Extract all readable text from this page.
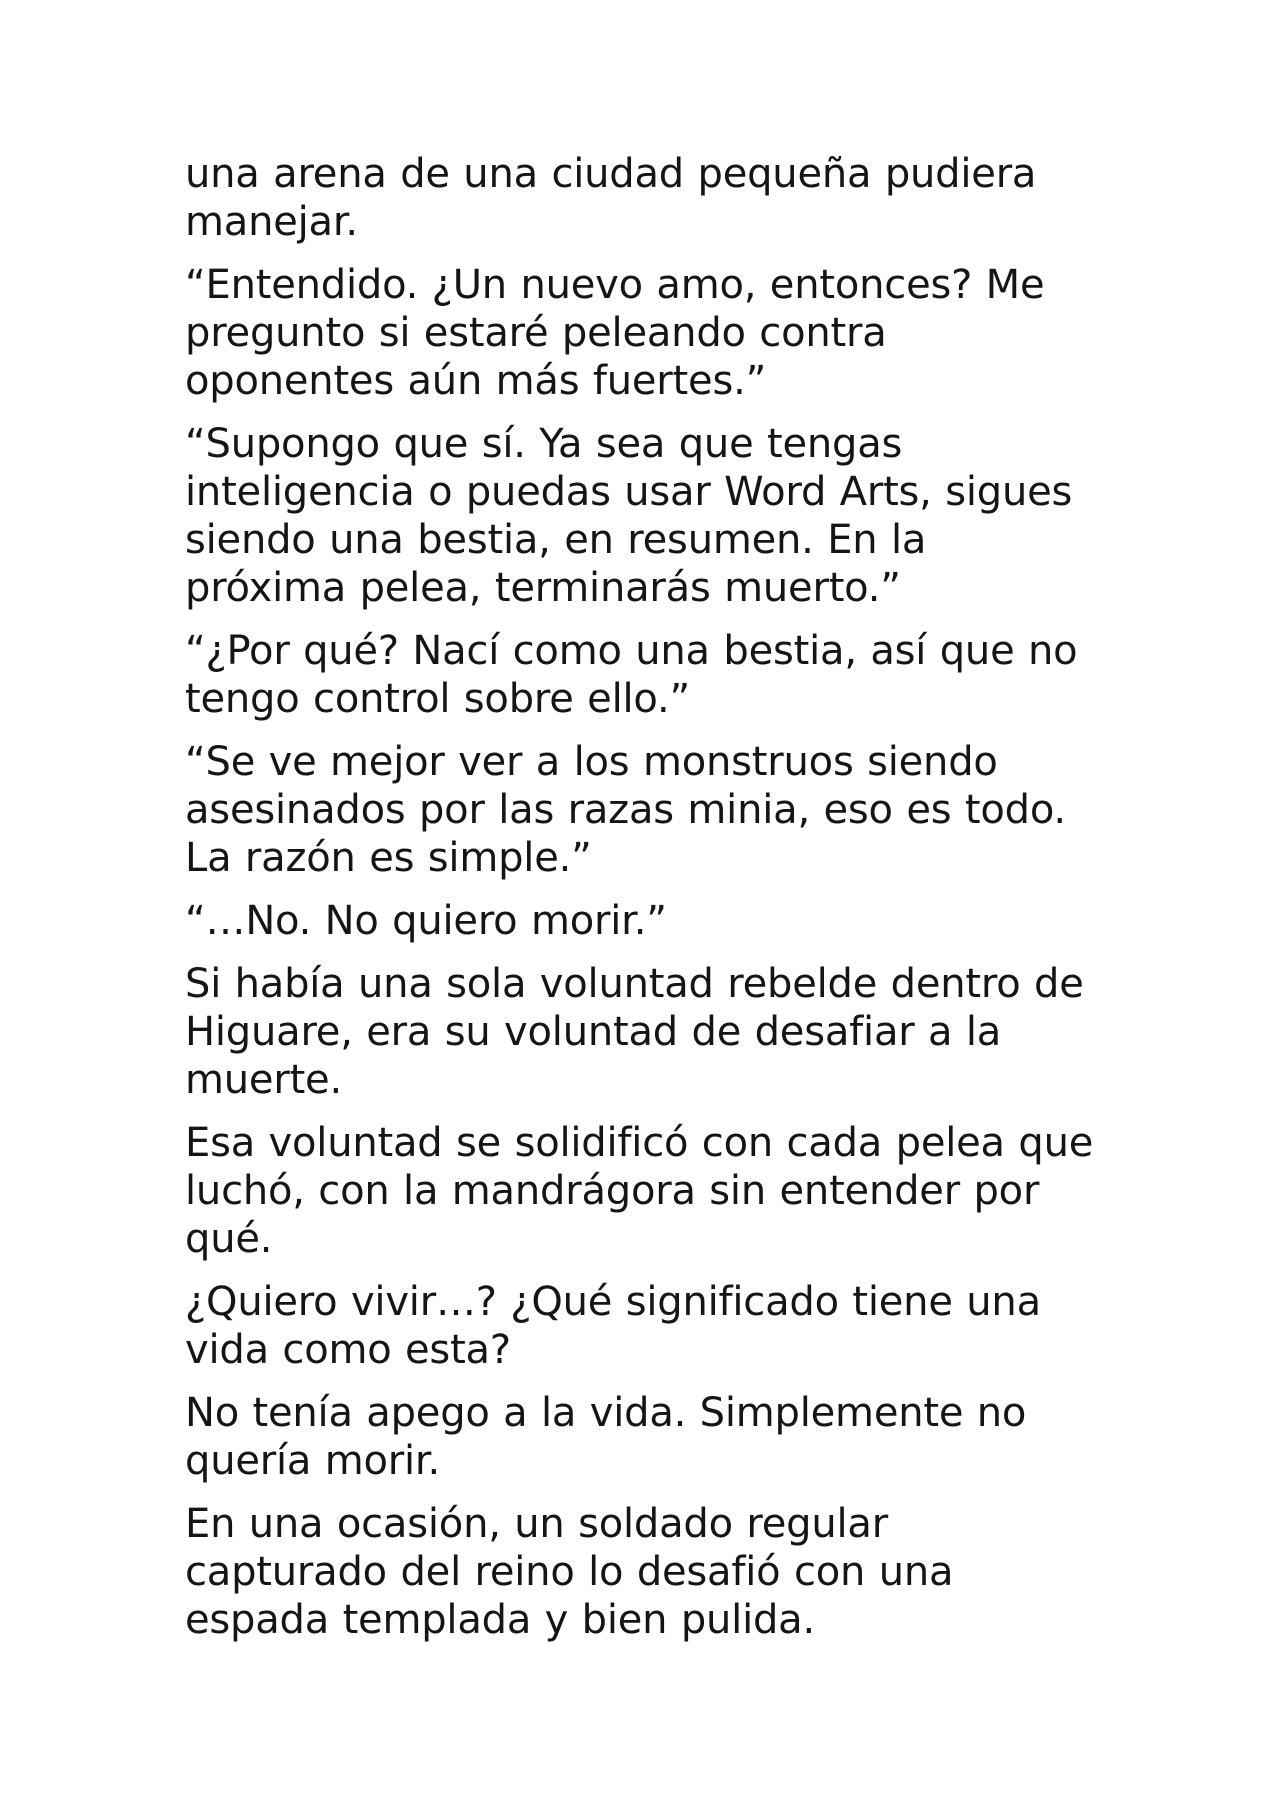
una arena de una ciudad pequeña pudiera manejar.

“Entendido. ¿Un nuevo amo, entonces? Me pregunto si estaré peleando contra oponentes aún más fuertes.”

“Supongo que sí. Ya sea que tengas inteligencia o puedas usar Word Arts, sigues siendo una bestia, en resumen. En la próxima pelea, terminarás muerto.”

“¿Por qué? Nací como una bestia, así que no tengo control sobre ello.”

“Se ve mejor ver a los monstruos siendo asesinados por las razas minia, eso es todo. La razón es simple.”

“…No. No quiero morir.”

Si había una sola voluntad rebelde dentro de Higuare, era su voluntad de desafiar a la muerte.

Esa voluntad se solidificó con cada pelea que luchó, con la mandrágora sin entender por qué.

¿Quiero vivir…? ¿Qué significado tiene una vida como esta?

No tenía apego a la vida. Simplemente no quería morir.

En una ocasión, un soldado regular capturado del reino lo desafió con una espada templada y bien pulida.
